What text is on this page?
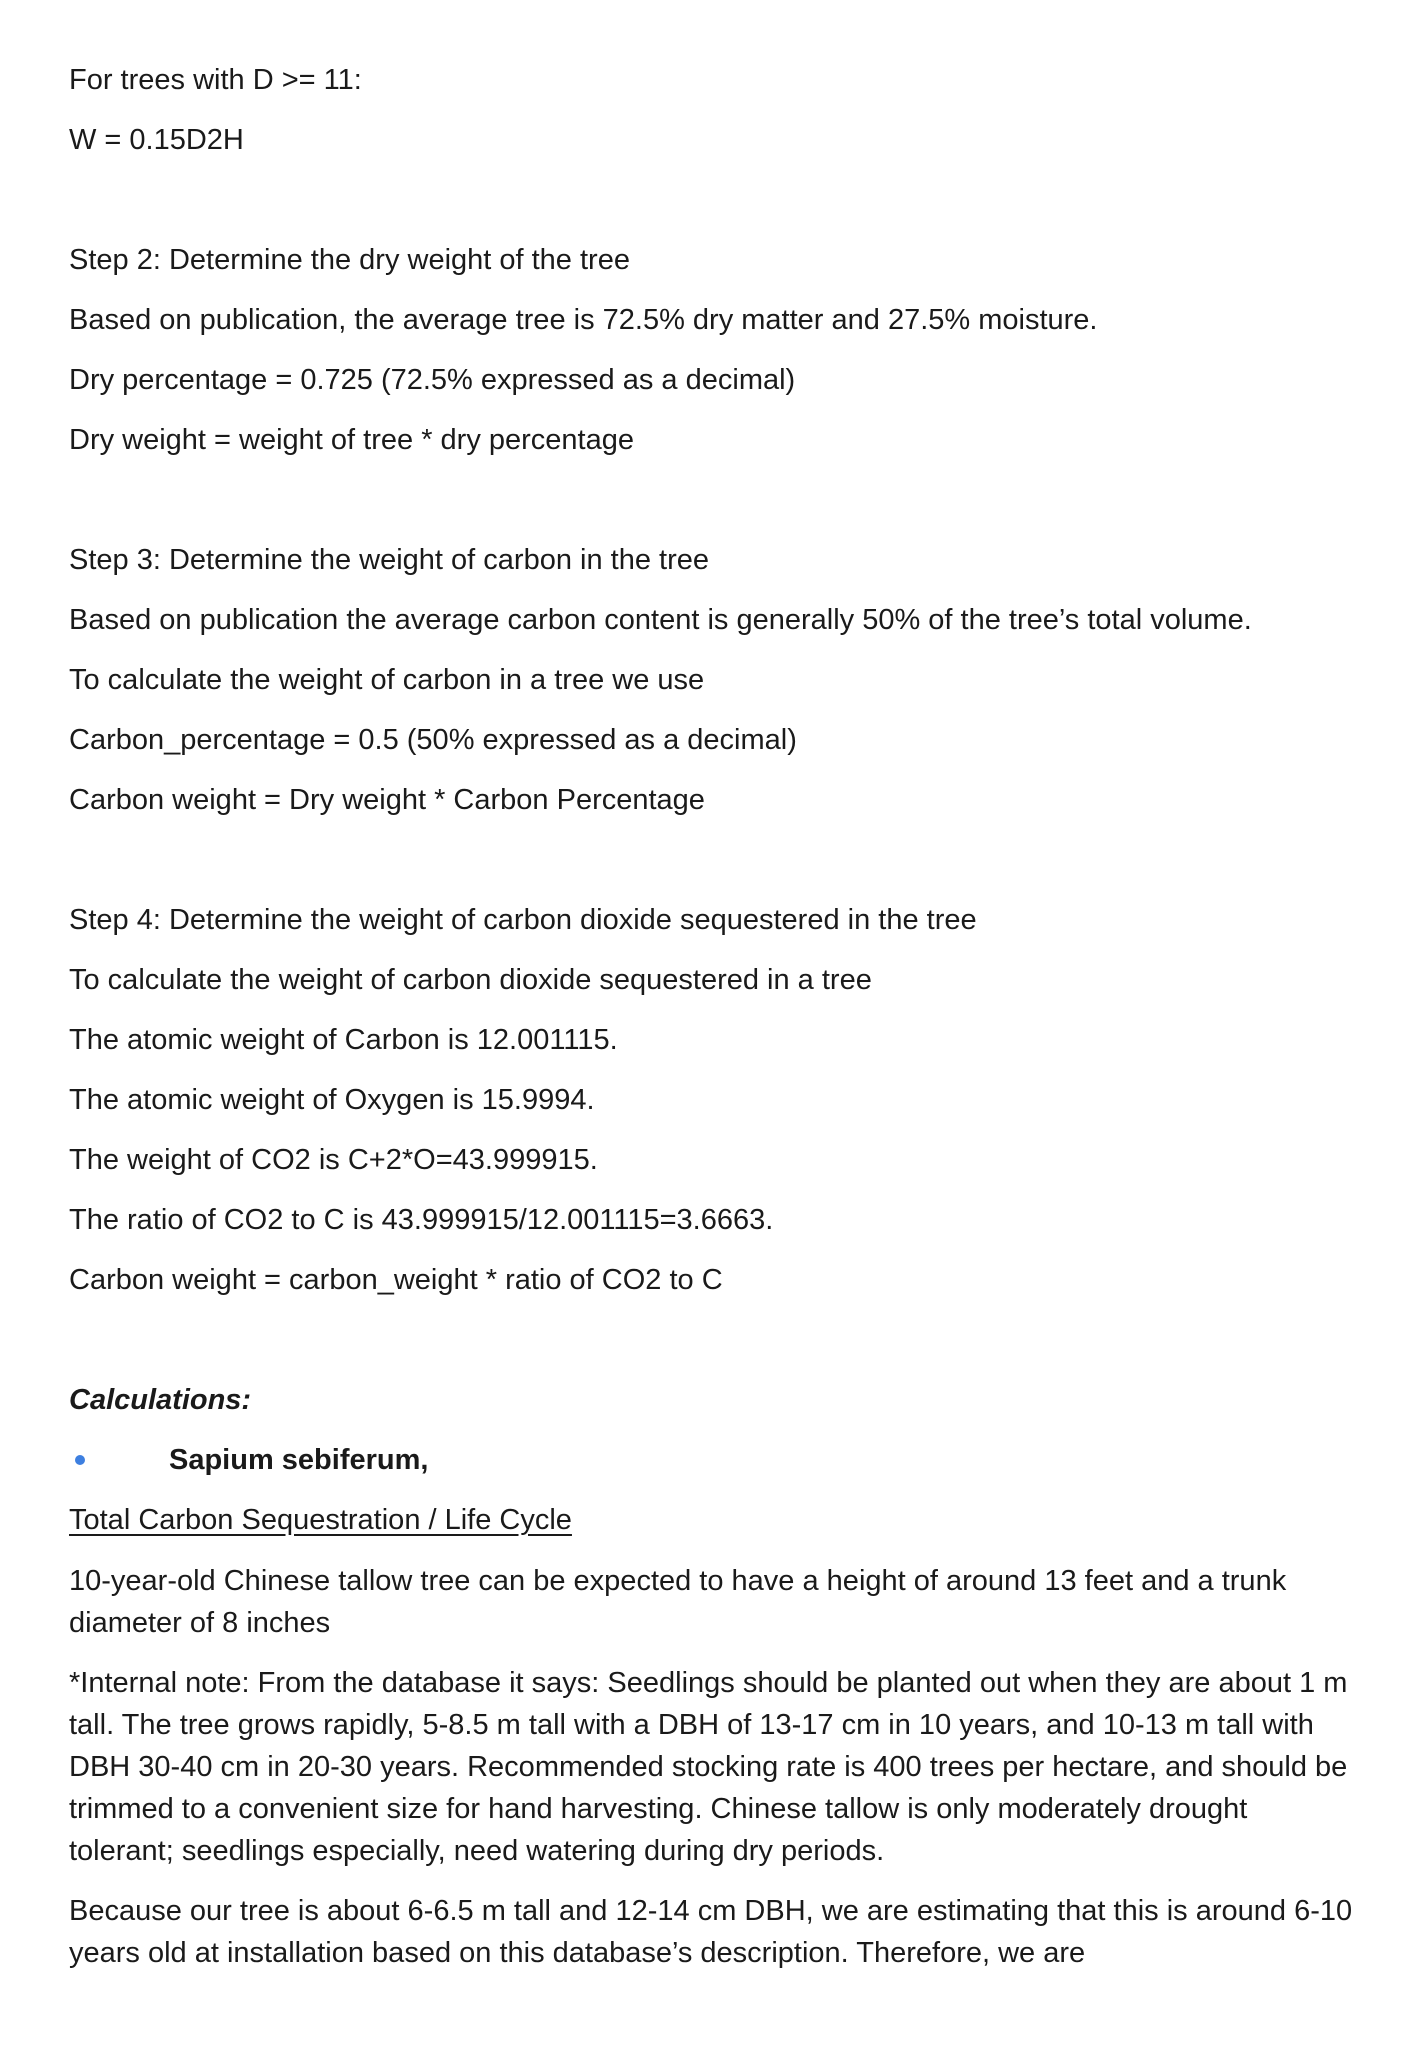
For trees with D >= 11:
W = 0.15D2H
Step 2: Determine the dry weight of the tree
Based on publication, the average tree is 72.5% dry matter and 27.5% moisture.
Dry percentage = 0.725 (72.5% expressed as a decimal)
Dry weight = weight of tree * dry percentage
Step 3: Determine the weight of carbon in the tree
Based on publication the average carbon content is generally 50% of the tree’s total volume.
To calculate the weight of carbon in a tree we use
Carbon_percentage = 0.5 (50% expressed as a decimal)
Carbon weight = Dry weight * Carbon Percentage
Step 4: Determine the weight of carbon dioxide sequestered in the tree
To calculate the weight of carbon dioxide sequestered in a tree
The atomic weight of Carbon is 12.001115.
The atomic weight of Oxygen is 15.9994.
The weight of CO2 is C+2*O=43.999915.
The ratio of CO2 to C is 43.999915/12.001115=3.6663.
Carbon weight = carbon_weight * ratio of CO2 to C
Calculations:
Sapium sebiferum,
Total Carbon Sequestration / Life Cycle
10-year-old Chinese tallow tree can be expected to have a height of around 13 feet and a trunk diameter of 8 inches
*Internal note: From the database it says: Seedlings should be planted out when they are about 1 m tall. The tree grows rapidly, 5-8.5 m tall with a DBH of 13-17 cm in 10 years, and 10-13 m tall with DBH 30-40 cm in 20-30 years. Recommended stocking rate is 400 trees per hectare, and should be trimmed to a convenient size for hand harvesting. Chinese tallow is only moderately drought tolerant; seedlings especially, need watering during dry periods.
Because our tree is about 6-6.5 m tall and 12-14 cm DBH, we are estimating that this is around 6-10 years old at installation based on this database’s description. Therefore, we are
